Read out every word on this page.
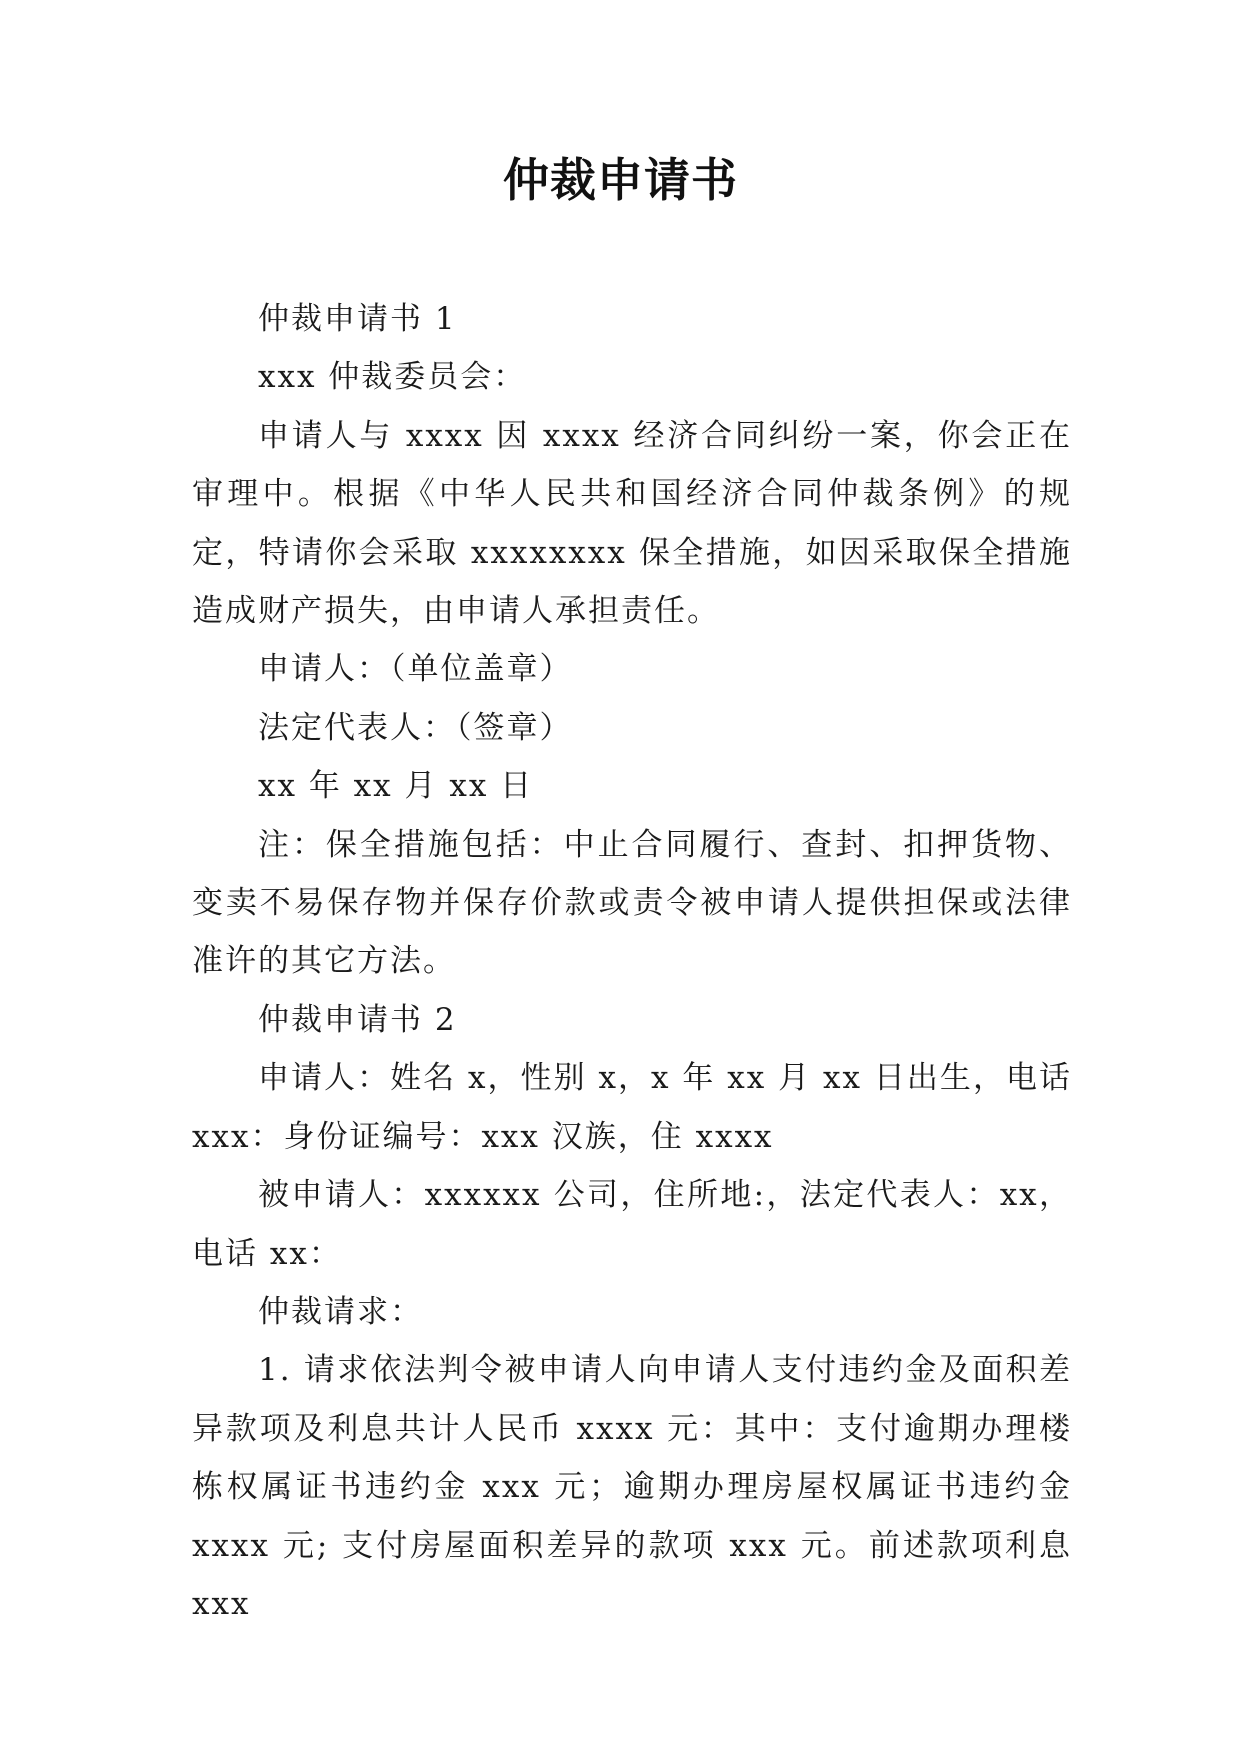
仲裁申请书

仲裁申请书 1

xxx 仲裁委员会：

申请人与 xxxx 因 xxxx 经济合同纠纷一案，你会正在审理中。根据《中华人民共和国经济合同仲裁条例》的规定，特请你会采取 xxxxxxxx 保全措施，如因采取保全措施造成财产损失，由申请人承担责任。

申请人：（单位盖章）

法定代表人：（签章）

xx 年 xx 月 xx 日

注：保全措施包括：中止合同履行、查封、扣押货物、变卖不易保存物并保存价款或责令被申请人提供担保或法律准许的其它方法。

仲裁申请书 2

申请人：姓名 x，性别 x，x 年 xx 月 xx 日出生，电话 xxx：身份证编号：xxx 汉族，住 xxxx

被申请人：xxxxxx 公司，住所地:，法定代表人：xx，电话 xx：

仲裁请求：

1. 请求依法判令被申请人向申请人支付违约金及面积差异款项及利息共计人民币 xxxx 元：其中：支付逾期办理楼栋权属证书违约金 xxx 元；逾期办理房屋权属证书违约金 xxxx 元; 支付房屋面积差异的款项 xxx 元。前述款项利息 xxx
